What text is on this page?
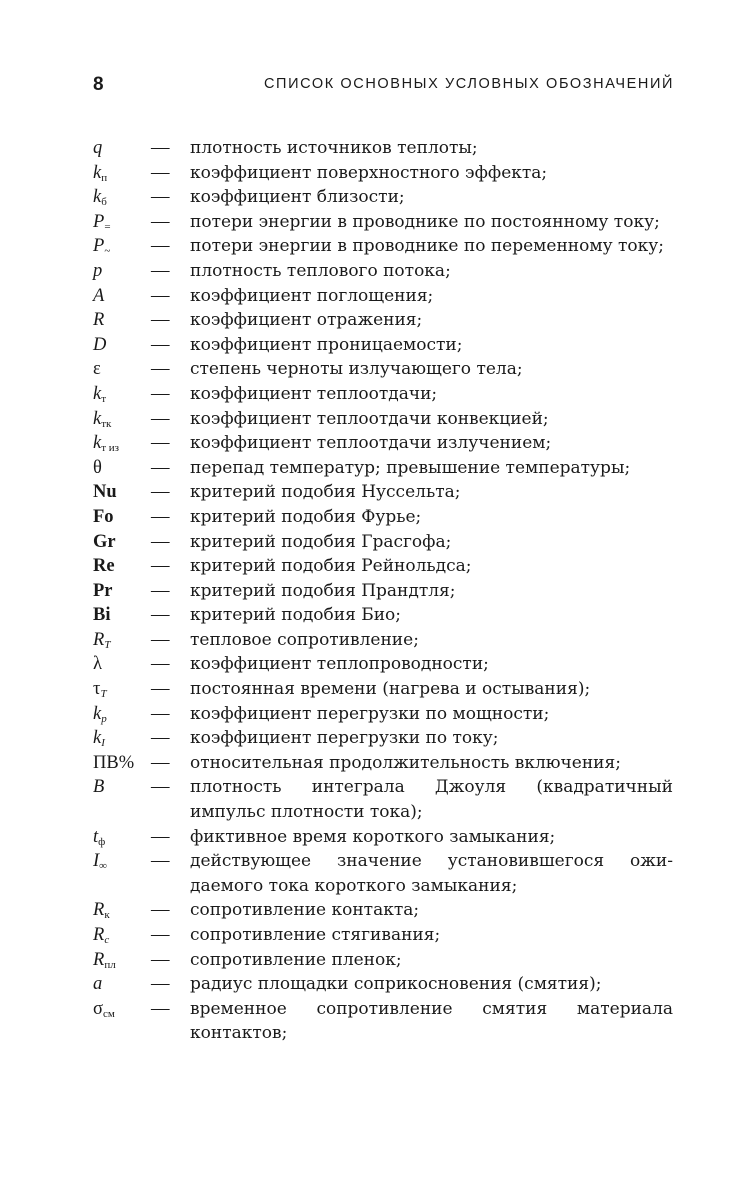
8	СПИСОК ОСНОВНЫХ УСЛОВНЫХ ОБОЗНАЧЕНИЙ
q	—	плотность источников теплоты;
$k_п$	—	коэффициент поверхностного эффекта;
$k_б$	—	коэффициент близости;
$P_=$	—	потери энергии в проводнике по постоянному току;
$P_\sim$	—	потери энергии в проводнике по переменному току;
p	—	плотность теплового потока;
A	—	коэффициент поглощения;
R	—	коэффициент отражения;
D	—	коэффициент проницаемости;
ε	—	степень черноты излучающего тела;
$k_т$	—	коэффициент теплоотдачи;
$k_{тк}$	—	коэффициент теплоотдачи конвекцией;
$k_{т из}$	—	коэффициент теплоотдачи излучением;
θ	—	перепад температур; превышение температуры;
Nu	—	критерий подобия Нуссельта;
Fo	—	критерий подобия Фурье;
Gr	—	критерий подобия Грасгофа;
Re	—	критерий подобия Рейнольдса;
Pr	—	критерий подобия Прандтля;
Bi	—	критерий подобия Био;
$R_T$	—	тепловое сопротивление;
λ	—	коэффициент теплопроводности;
$\tau_T$	—	постоянная времени (нагрева и остывания);
$k_p$	—	коэффициент перегрузки по мощности;
$k_I$	—	коэффициент перегрузки по току;
ПВ% —	относительная продолжительность включения;
B	—	плотность интеграла Джоуля (квадратичный импульс плотности тока);
$t_ф$	—	фиктивное время короткого замыкания;
$I_\infty$	—	действующее значение установившегося ожидаемого тока короткого замыкания;
$R_к$	—	сопротивление контакта;
$R_c$	—	сопротивление стягивания;
$R_{пл}$	—	сопротивление пленок;
a	—	радиус площадки соприкосновения (смятия);
$\sigma_{см}$	—	временное сопротивление смятия материала контактов;
